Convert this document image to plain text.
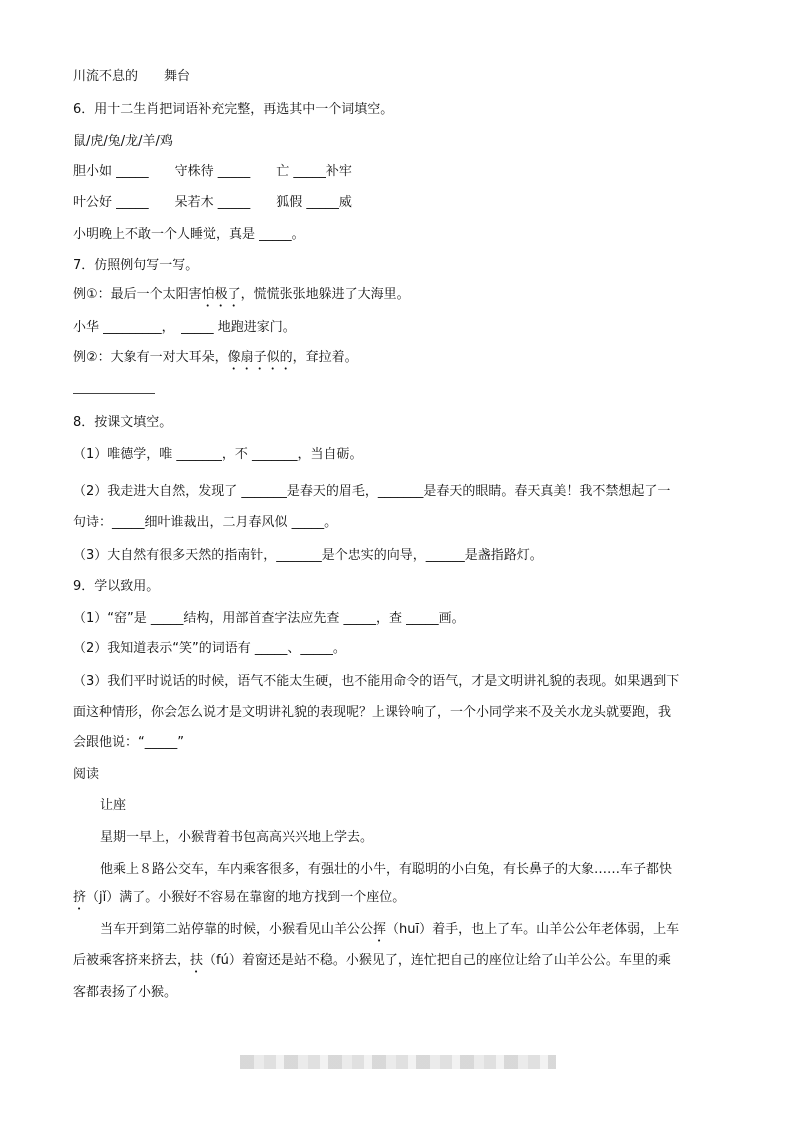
川流不息的　　舞台
6．用十二生肖把词语补充完整，再选其中一个词填空。
鼠/虎/兔/龙/羊/鸡
胆小如 _____　　守株待 _____　　亡 _____补牢
叶公好 _____　　呆若木 _____　　狐假 _____威
小明晚上不敢一个人睡觉，真是 _____。
7．仿照例句写一写。
例①：最后一个太阳害怕极了，慌慌张张地躲进了大海里。
小华 _________，　_____ 地跑进家门。
例②：大象有一对大耳朵，像扇子似的，耷拉着。
8．按课文填空。
（1）唯德学，唯 _______，不 _______，当自砺。
（2）我走进大自然，发现了 _______是春天的眉毛，_______是春天的眼睛。春天真美！我不禁想起了一
句诗：_____细叶谁裁出，二月春风似 _____。
（3）大自然有很多天然的指南针，_______是个忠实的向导，______是盏指路灯。
9．学以致用。
（1）“窑”是 _____结构，用部首查字法应先查 _____，查 _____画。
（2）我知道表示“笑”的词语有 _____、_____。
（3）我们平时说话的时候，语气不能太生硬，也不能用命令的语气，才是文明讲礼貌的表现。如果遇到下
面这种情形，你会怎么说才是文明讲礼貌的表现呢？上课铃响了，一个小同学来不及关水龙头就要跑，我
会跟他说：“_____”
阅读
让座
星期一早上，小猴背着书包高高兴兴地上学去。
他乘上８路公交车，车内乘客很多，有强壮的小牛，有聪明的小白兔，有长鼻子的大象……车子都快
挤（jǐ）满了。小猴好不容易在靠窗的地方找到一个座位。
当车开到第二站停靠的时候，小猴看见山羊公公挥（huī）着手，也上了车。山羊公公年老体弱，上车
后被乘客挤来挤去，扶（fú）着窗还是站不稳。小猴见了，连忙把自己的座位让给了山羊公公。车里的乘
客都表扬了小猴。
